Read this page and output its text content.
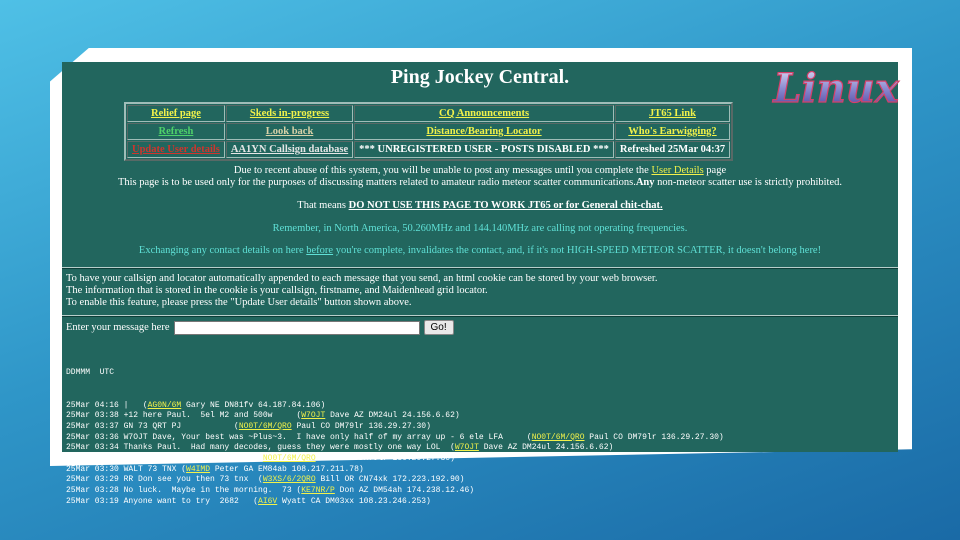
Ping Jockey Central.	Linux
Relief page	Skeds in-progress	CQ Announcements	JT65 Link
Refresh	Look back	Distance/Bearing Locator	Who's Earwigging?
Update User details	AA1YN Callsign database	*** UNREGISTERED USER - POSTS DISABLED ***	Refreshed 25Mar 04:37
Due to recent abuse of this system, you will be unable to post any messages until you complete the User Details page
This page is to be used only for the purposes of discussing matters related to amateur radio meteor scatter communications.Any non-meteor scatter use is strictly prohibited.
That means DO NOT USE THIS PAGE TO WORK JT65 or for General chit-chat.
Remember, in North America, 50.260MHz and 144.140MHz are calling not operating frequencies.
Exchanging any contact details on here before you're complete, invalidates the contact, and, if it's not HIGH-SPEED METEOR SCATTER, it doesn't belong here!
To have your callsign and locator automatically appended to each message that you send, an html cookie can be stored by your web browser.
The information that is stored in the cookie is your callsign, firstname, and Maidenhead grid locator.
To enable this feature, please press the "Update User details" button shown above.
Enter your message here	Go!

DDMMM  UTC

25Mar 04:16 |   (AG0N/6M Gary NE DN81fv 64.187.84.106)
25Mar 03:38 +12 here Paul.  5el M2 and 500w     (W7OJT Dave AZ DM24ul 24.156.6.62)
25Mar 03:37 GN 73 QRT PJ           (NO0T/6M/QRO Paul CO DM79lr 136.29.27.30)
25Mar 03:36 W7OJT Dave, Your best was ~Plus~3.  I have only half of my array up - 6 ele LFA     (NO0T/6M/QRO Paul CO DM79lr 136.29.27.30)
25Mar 03:34 Thanks Paul.  Had many decodes, guess they were mostly one way LOL  (W7OJT Dave AZ DM24ul 24.156.6.62)
25Mar 03:33 W7OJT Dave, thanks QSO - 73 (NO0T/6M/QRO Paul CO DM79lr 136.29.27.30)
25Mar 03:30 WALT 73 TNX (W4IMD Peter GA EM84ab 108.217.211.78)
25Mar 03:29 RR Don see you then 73 tnx  (W3XS/6/2QRO Bill OR CN74xk 172.223.192.90)
25Mar 03:28 No luck.  Maybe in the morning.  73 (KE7NR/P Don AZ DM54ah 174.238.12.46)
25Mar 03:19 Anyone want to try  2682   (AI6V Wyatt CA DM03xx 108.23.246.253)
